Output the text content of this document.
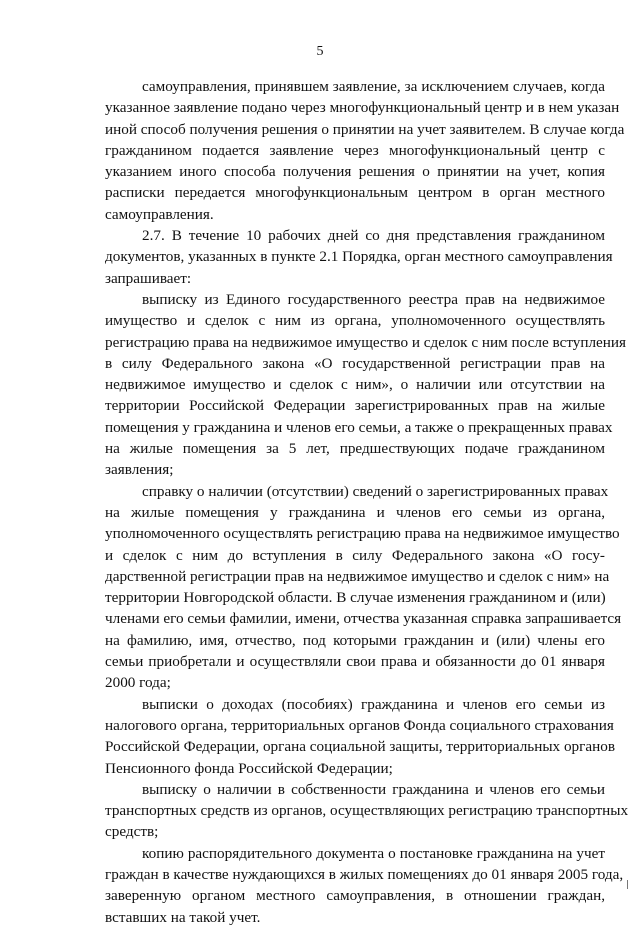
5

самоуправления, принявшем заявление, за исключением случаев, когда
указанное заявление подано через многофункциональный центр и в нем указан
иной способ получения решения о принятии на учет заявителем. В случае когда
гражданином подается заявление через многофункциональный центр с
указанием иного способа получения решения о принятии на учет, копия
расписки передается многофункциональным центром в орган местного
самоуправления.

2.7. В течение 10 рабочих дней со дня представления гражданином
документов, указанных в пункте 2.1 Порядка, орган местного самоуправления
запрашивает:

выписку из Единого государственного реестра прав на недвижимое
имущество и сделок с ним из органа, уполномоченного осуществлять
регистрацию права на недвижимое имущество и сделок с ним после вступления
в силу Федерального закона «О государственной регистрации прав на
недвижимое имущество и сделок с ним», о наличии или отсутствии на
территории Российской Федерации зарегистрированных прав на жилые
помещения у гражданина и членов его семьи, а также о прекращенных правах
на жилые помещения за 5 лет, предшествующих подаче гражданином
заявления;

справку о наличии (отсутствии) сведений о зарегистрированных правах
на жилые помещения у гражданина и членов его семьи из органа,
уполномоченного осуществлять регистрацию права на недвижимое имущество
и сделок с ним до вступления в силу Федерального закона «О госу-
дарственной регистрации прав на недвижимое имущество и сделок с ним» на
территории Новгородской области. В случае изменения гражданином и (или)
членами его семьи фамилии, имени, отчества указанная справка запрашивается
на фамилию, имя, отчество, под которыми гражданин и (или) члены его
семьи приобретали и осуществляли свои права и обязанности до 01 января
2000 года;

выписки о доходах (пособиях) гражданина и членов его семьи из
налогового органа, территориальных органов Фонда социального страхования
Российской Федерации, органа социальной защиты, территориальных органов
Пенсионного фонда Российской Федерации;

выписку о наличии в собственности гражданина и членов его семьи
транспортных средств из органов, осуществляющих регистрацию транспортных
средств;

копию распорядительного документа о постановке гражданина на учет
граждан в качестве нуждающихся в жилых помещениях до 01 января 2005 года,
заверенную органом местного самоуправления, в отношении граждан,
вставших на такой учет.
